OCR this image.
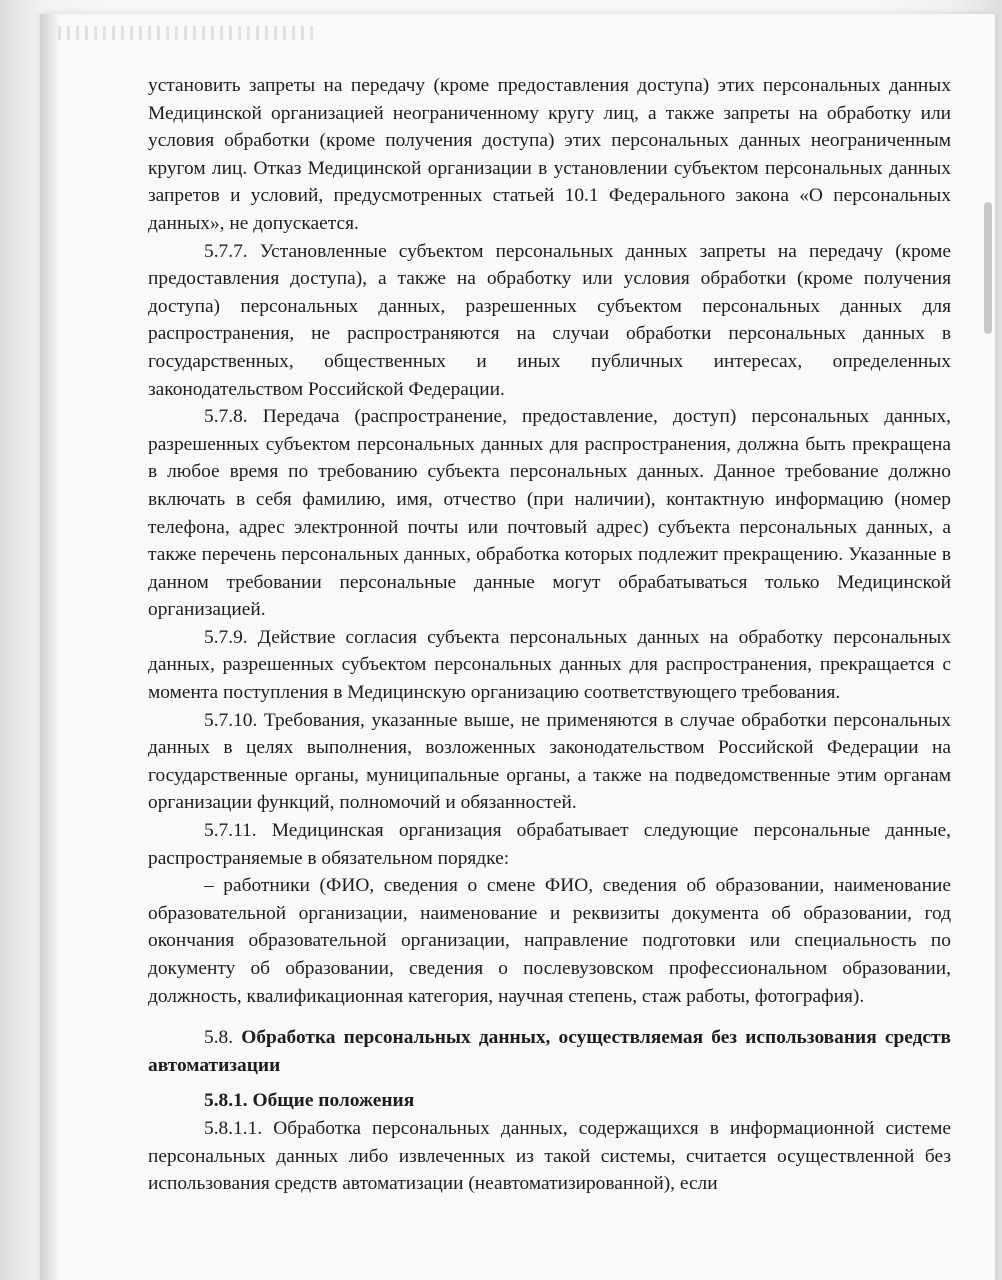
установить запреты на передачу (кроме предоставления доступа) этих персональных данных Медицинской организацией неограниченному кругу лиц, а также запреты на обработку или условия обработки (кроме получения доступа) этих персональных данных неограниченным кругом лиц. Отказ Медицинской организации в установлении субъектом персональных данных запретов и условий, предусмотренных статьей 10.1 Федерального закона «О персональных данных», не допускается.

5.7.7. Установленные субъектом персональных данных запреты на передачу (кроме предоставления доступа), а также на обработку или условия обработки (кроме получения доступа) персональных данных, разрешенных субъектом персональных данных для распространения, не распространяются на случаи обработки персональных данных в государственных, общественных и иных публичных интересах, определенных законодательством Российской Федерации.

5.7.8. Передача (распространение, предоставление, доступ) персональных данных, разрешенных субъектом персональных данных для распространения, должна быть прекращена в любое время по требованию субъекта персональных данных. Данное требование должно включать в себя фамилию, имя, отчество (при наличии), контактную информацию (номер телефона, адрес электронной почты или почтовый адрес) субъекта персональных данных, а также перечень персональных данных, обработка которых подлежит прекращению. Указанные в данном требовании персональные данные могут обрабатываться только Медицинской организацией.

5.7.9. Действие согласия субъекта персональных данных на обработку персональных данных, разрешенных субъектом персональных данных для распространения, прекращается с момента поступления в Медицинскую организацию соответствующего требования.

5.7.10. Требования, указанные выше, не применяются в случае обработки персональных данных в целях выполнения, возложенных законодательством Российской Федерации на государственные органы, муниципальные органы, а также на подведомственные этим органам организации функций, полномочий и обязанностей.

5.7.11. Медицинская организация обрабатывает следующие персональные данные, распространяемые в обязательном порядке:

– работники (ФИО, сведения о смене ФИО, сведения об образовании, наименование образовательной организации, наименование и реквизиты документа об образовании, год окончания образовательной организации, направление подготовки или специальность по документу об образовании, сведения о послевузовском профессиональном образовании, должность, квалификационная категория, научная степень, стаж работы, фотография).

5.8. Обработка персональных данных, осуществляемая без использования средств автоматизации

5.8.1. Общие положения

5.8.1.1. Обработка персональных данных, содержащихся в информационной системе персональных данных либо извлеченных из такой системы, считается осуществленной без использования средств автоматизации (неавтоматизированной), если
